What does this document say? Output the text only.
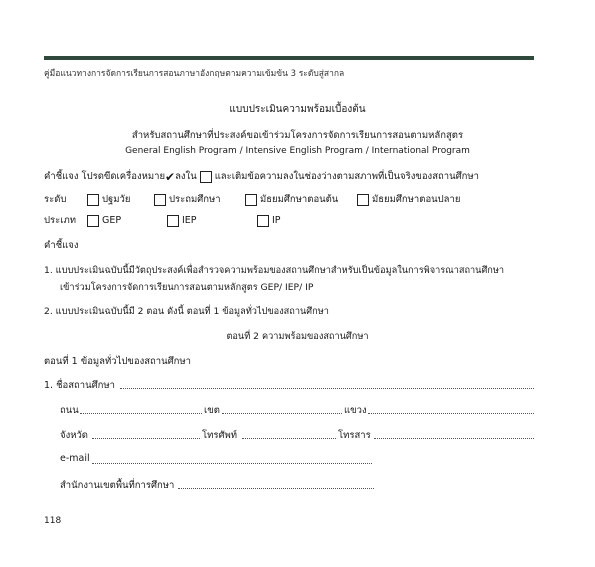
คู่มือแนวทางการจัดการเรียนการสอนภาษาอังกฤษตามความเข้มข้น 3 ระดับสู่สากล
แบบประเมินความพร้อมเบื้องต้น
สำหรับสถานศึกษาที่ประสงค์ขอเข้าร่วมโครงการจัดการเรียนการสอนตามหลักสูตร
General English Program / Intensive English Program / International Program
คำชี้แจง โปรดขีดเครื่องหมาย ✔ ลงใน และเติมข้อความลงในช่องว่างตามสภาพที่เป็นจริงของสถานศึกษา
ระดับ	ปฐมวัย	ประถมศึกษา	มัธยมศึกษาตอนต้น	มัธยมศึกษาตอนปลาย
ประเภท	GEP	IEP	IP
คำชี้แจง
1. แบบประเมินฉบับนี้มีวัตถุประสงค์เพื่อสำรวจความพร้อมของสถานศึกษาสำหรับเป็นข้อมูลในการพิจารณาสถานศึกษา
เข้าร่วมโครงการจัดการเรียนการสอนตามหลักสูตร GEP/ IEP/ IP
2. แบบประเมินฉบับนี้มี 2 ตอน ดังนี้ ตอนที่ 1 ข้อมูลทั่วไปของสถานศึกษา
ตอนที่ 2 ความพร้อมของสถานศึกษา
ตอนที่ 1 ข้อมูลทั่วไปของสถานศึกษา
1. ชื่อสถานศึกษา
ถนน	เขต	แขวง
จังหวัด	โทรศัพท์	โทรสาร
e-mail
สำนักงานเขตพื้นที่การศึกษา
118
